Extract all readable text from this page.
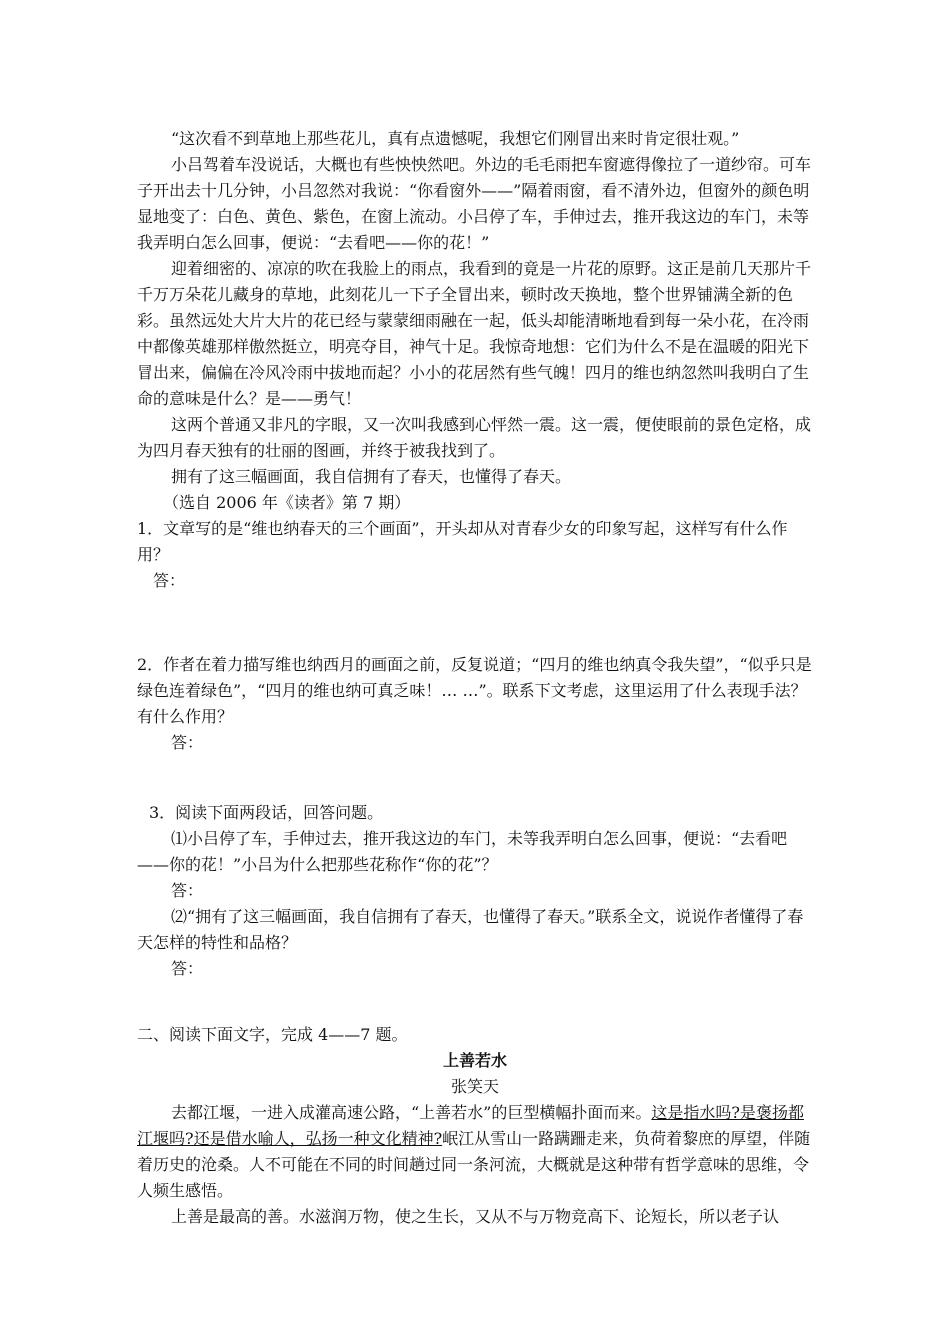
“这次看不到草地上那些花儿，真有点遗憾呢，我想它们刚冒出来时肯定很壮观。”

小吕驾着车没说话，大概也有些怏怏然吧。外边的毛毛雨把车窗遮得像拉了一道纱帘。可车子开出去十几分钟，小吕忽然对我说：“你看窗外——”隔着雨窗，看不清外边，但窗外的颜色明显地变了：白色、黄色、紫色，在窗上流动。小吕停了车，手伸过去，推开我这边的车门，未等我弄明白怎么回事，便说：“去看吧——你的花！”

迎着细密的、凉凉的吹在我脸上的雨点，我看到的竟是一片花的原野。这正是前几天那片千千万万朵花儿藏身的草地，此刻花儿一下子全冒出来，顿时改天换地，整个世界铺满全新的色彩。虽然远处大片大片的花已经与蒙蒙细雨融在一起，低头却能清晰地看到每一朵小花，在冷雨中都像英雄那样傲然挺立，明亮夺目，神气十足。我惊奇地想：它们为什么不是在温暖的阳光下冒出来，偏偏在冷风冷雨中拔地而起？小小的花居然有些气魄！四月的维也纳忽然叫我明白了生命的意味是什么？是——勇气！

这两个普通又非凡的字眼，又一次叫我感到心怦然一震。这一震，便使眼前的景色定格，成为四月春天独有的壮丽的图画，并终于被我找到了。

拥有了这三幅画面，我自信拥有了春天，也懂得了春天。

（选自 2006 年《读者》第 7 期）

1．文章写的是“维也纳春天的三个画面”，开头却从对青春少女的印象写起，这样写有什么作用？

答：

2．作者在着力描写维也纳西月的画面之前，反复说道；“四月的维也纳真令我失望”，“似乎只是绿色连着绿色”，“四月的维也纳可真乏味！… …”。联系下文考虑，这里运用了什么表现手法？有什么作用？

答：

3．阅读下面两段话，回答问题。

⑴小吕停了车，手伸过去，推开我这边的车门，未等我弄明白怎么回事，便说：“去看吧——你的花！”小吕为什么把那些花称作“你的花”？

答：

⑵“拥有了这三幅画面，我自信拥有了春天，也懂得了春天。”联系全文，说说作者懂得了春天怎样的特性和品格？

答：

二、阅读下面文字，完成 4——7 题。

上善若水
张笑天

去都江堰，一进入成灌高速公路，“上善若水”的巨型横幅扑面而来。这是指水吗?是褒扬都江堰吗?还是借水喻人，弘扬一种文化精神?岷江从雪山一路蹒跚走来，负荷着黎庶的厚望，伴随着历史的沧桑。人不可能在不同的时间趟过同一条河流，大概就是这种带有哲学意味的思维，令人频生感悟。

上善是最高的善。水滋润万物，使之生长，又从不与万物竞高下、论短长，所以老子认
